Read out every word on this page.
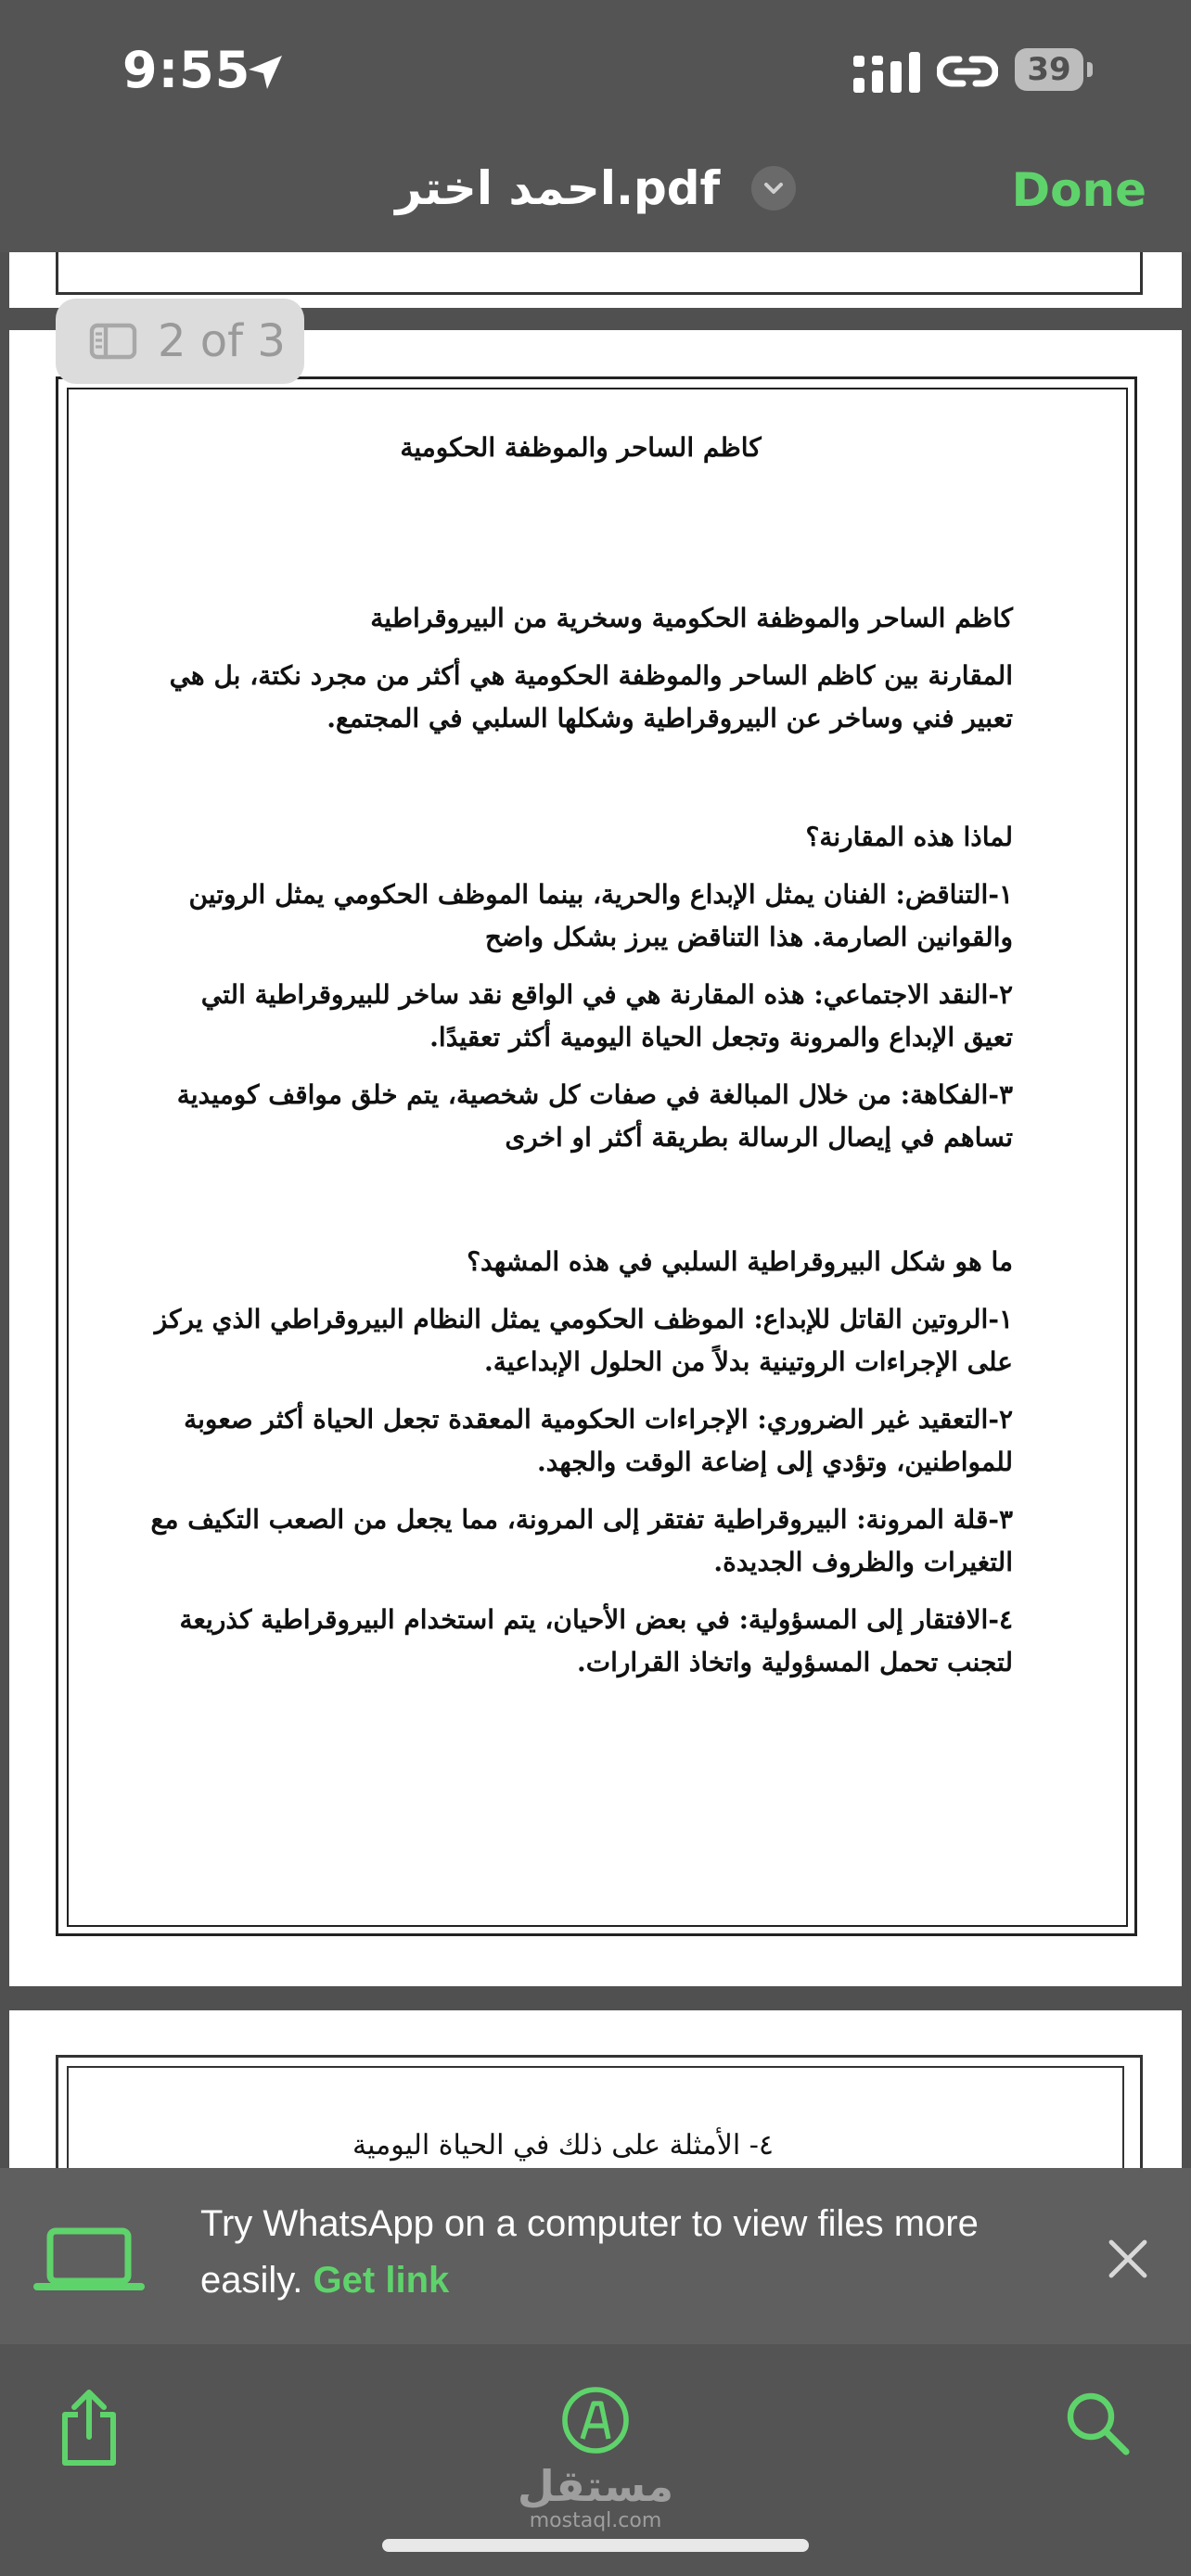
9:55	39
احمد اختر.pdf	Done

كاظم الساحر والموظفة الحكومية

كاظم الساحر والموظفة الحكومية وسخرية من البيروقراطية

المقارنة بين كاظم الساحر والموظفة الحكومية هي أكثر من مجرد نكتة، بل هي تعبير فني وساخر عن البيروقراطية وشكلها السلبي في المجتمع.

لماذا هذه المقارنة؟

١-التناقض: الفنان يمثل الإبداع والحرية، بينما الموظف الحكومي يمثل الروتين والقوانين الصارمة. هذا التناقض يبرز بشكل واضح

٢-النقد الاجتماعي: هذه المقارنة هي في الواقع نقد ساخر للبيروقراطية التي تعيق الإبداع والمرونة وتجعل الحياة اليومية أكثر تعقيدًا.

٣-الفكاهة: من خلال المبالغة في صفات كل شخصية، يتم خلق مواقف كوميدية تساهم في إيصال الرسالة بطريقة أكثر او اخرى

ما هو شكل البيروقراطية السلبي في هذه المشهد؟

١-الروتين القاتل للإبداع: الموظف الحكومي يمثل النظام البيروقراطي الذي يركز على الإجراءات الروتينية بدلاً من الحلول الإبداعية.

٢-التعقيد غير الضروري: الإجراءات الحكومية المعقدة تجعل الحياة أكثر صعوبة للمواطنين، وتؤدي إلى إضاعة الوقت والجهد.

٣-قلة المرونة: البيروقراطية تفتقر إلى المرونة، مما يجعل من الصعب التكيف مع التغيرات والظروف الجديدة.

٤-الافتقار إلى المسؤولية: في بعض الأحيان، يتم استخدام البيروقراطية كذريعة لتجنب تحمل المسؤولية واتخاذ القرارات.

٤- الأمثلة على ذلك في الحياة اليومية
2 of 3
Try WhatsApp on a computer to view files more easily. Get link
مستقل
mostaql.com
